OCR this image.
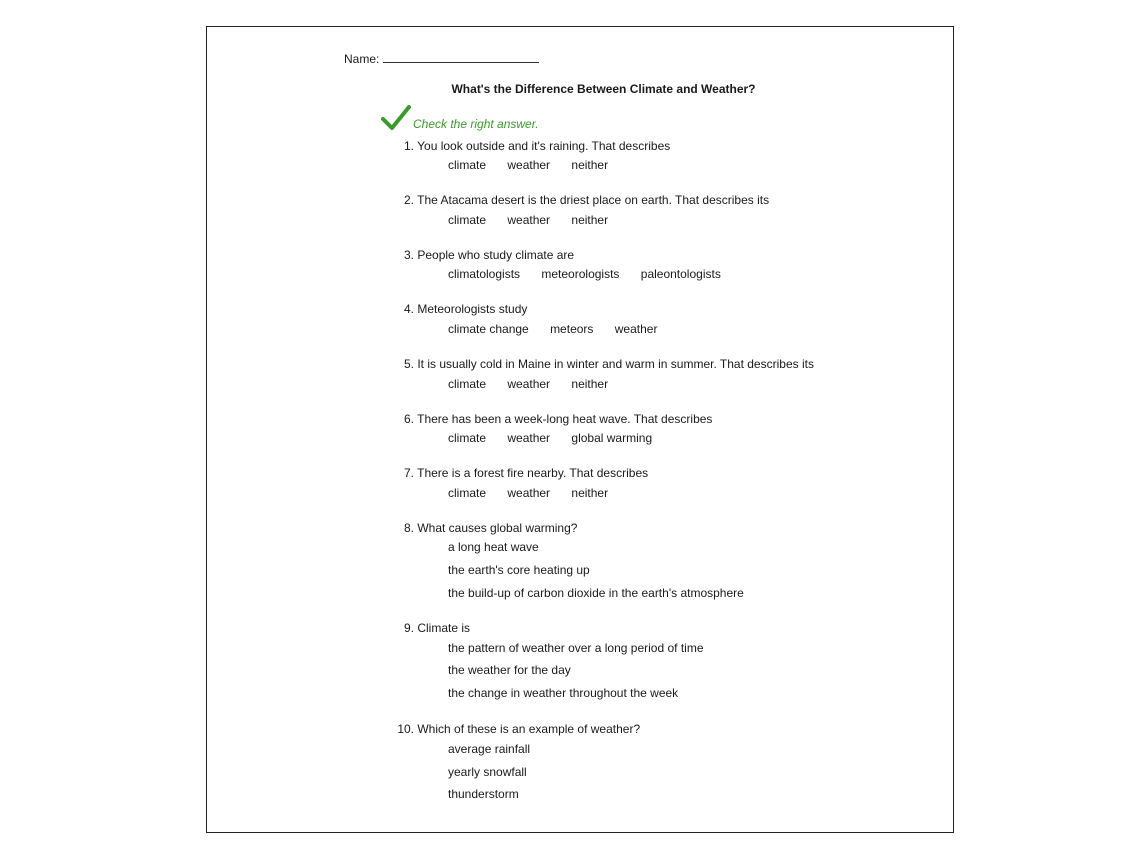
Name:
What's the Difference Between Climate and Weather?
Check the right answer.
1. You look outside and it's raining. That describes
climate weather neither
2. The Atacama desert is the driest place on earth. That describes its
climate weather neither
3. People who study climate are
climatologists meteorologists paleontologists
4. Meteorologists study
climate change meteors weather
5. It is usually cold in Maine in winter and warm in summer. That describes its
climate weather neither
6. There has been a week-long heat wave. That describes
climate weather global warming
7. There is a forest fire nearby. That describes
climate weather neither
8. What causes global warming?
a long heat wave
the earth's core heating up
the build-up of carbon dioxide in the earth's atmosphere
9. Climate is
the pattern of weather over a long period of time
the weather for the day
the change in weather throughout the week
10. Which of these is an example of weather?
average rainfall
yearly snowfall
thunderstorm
